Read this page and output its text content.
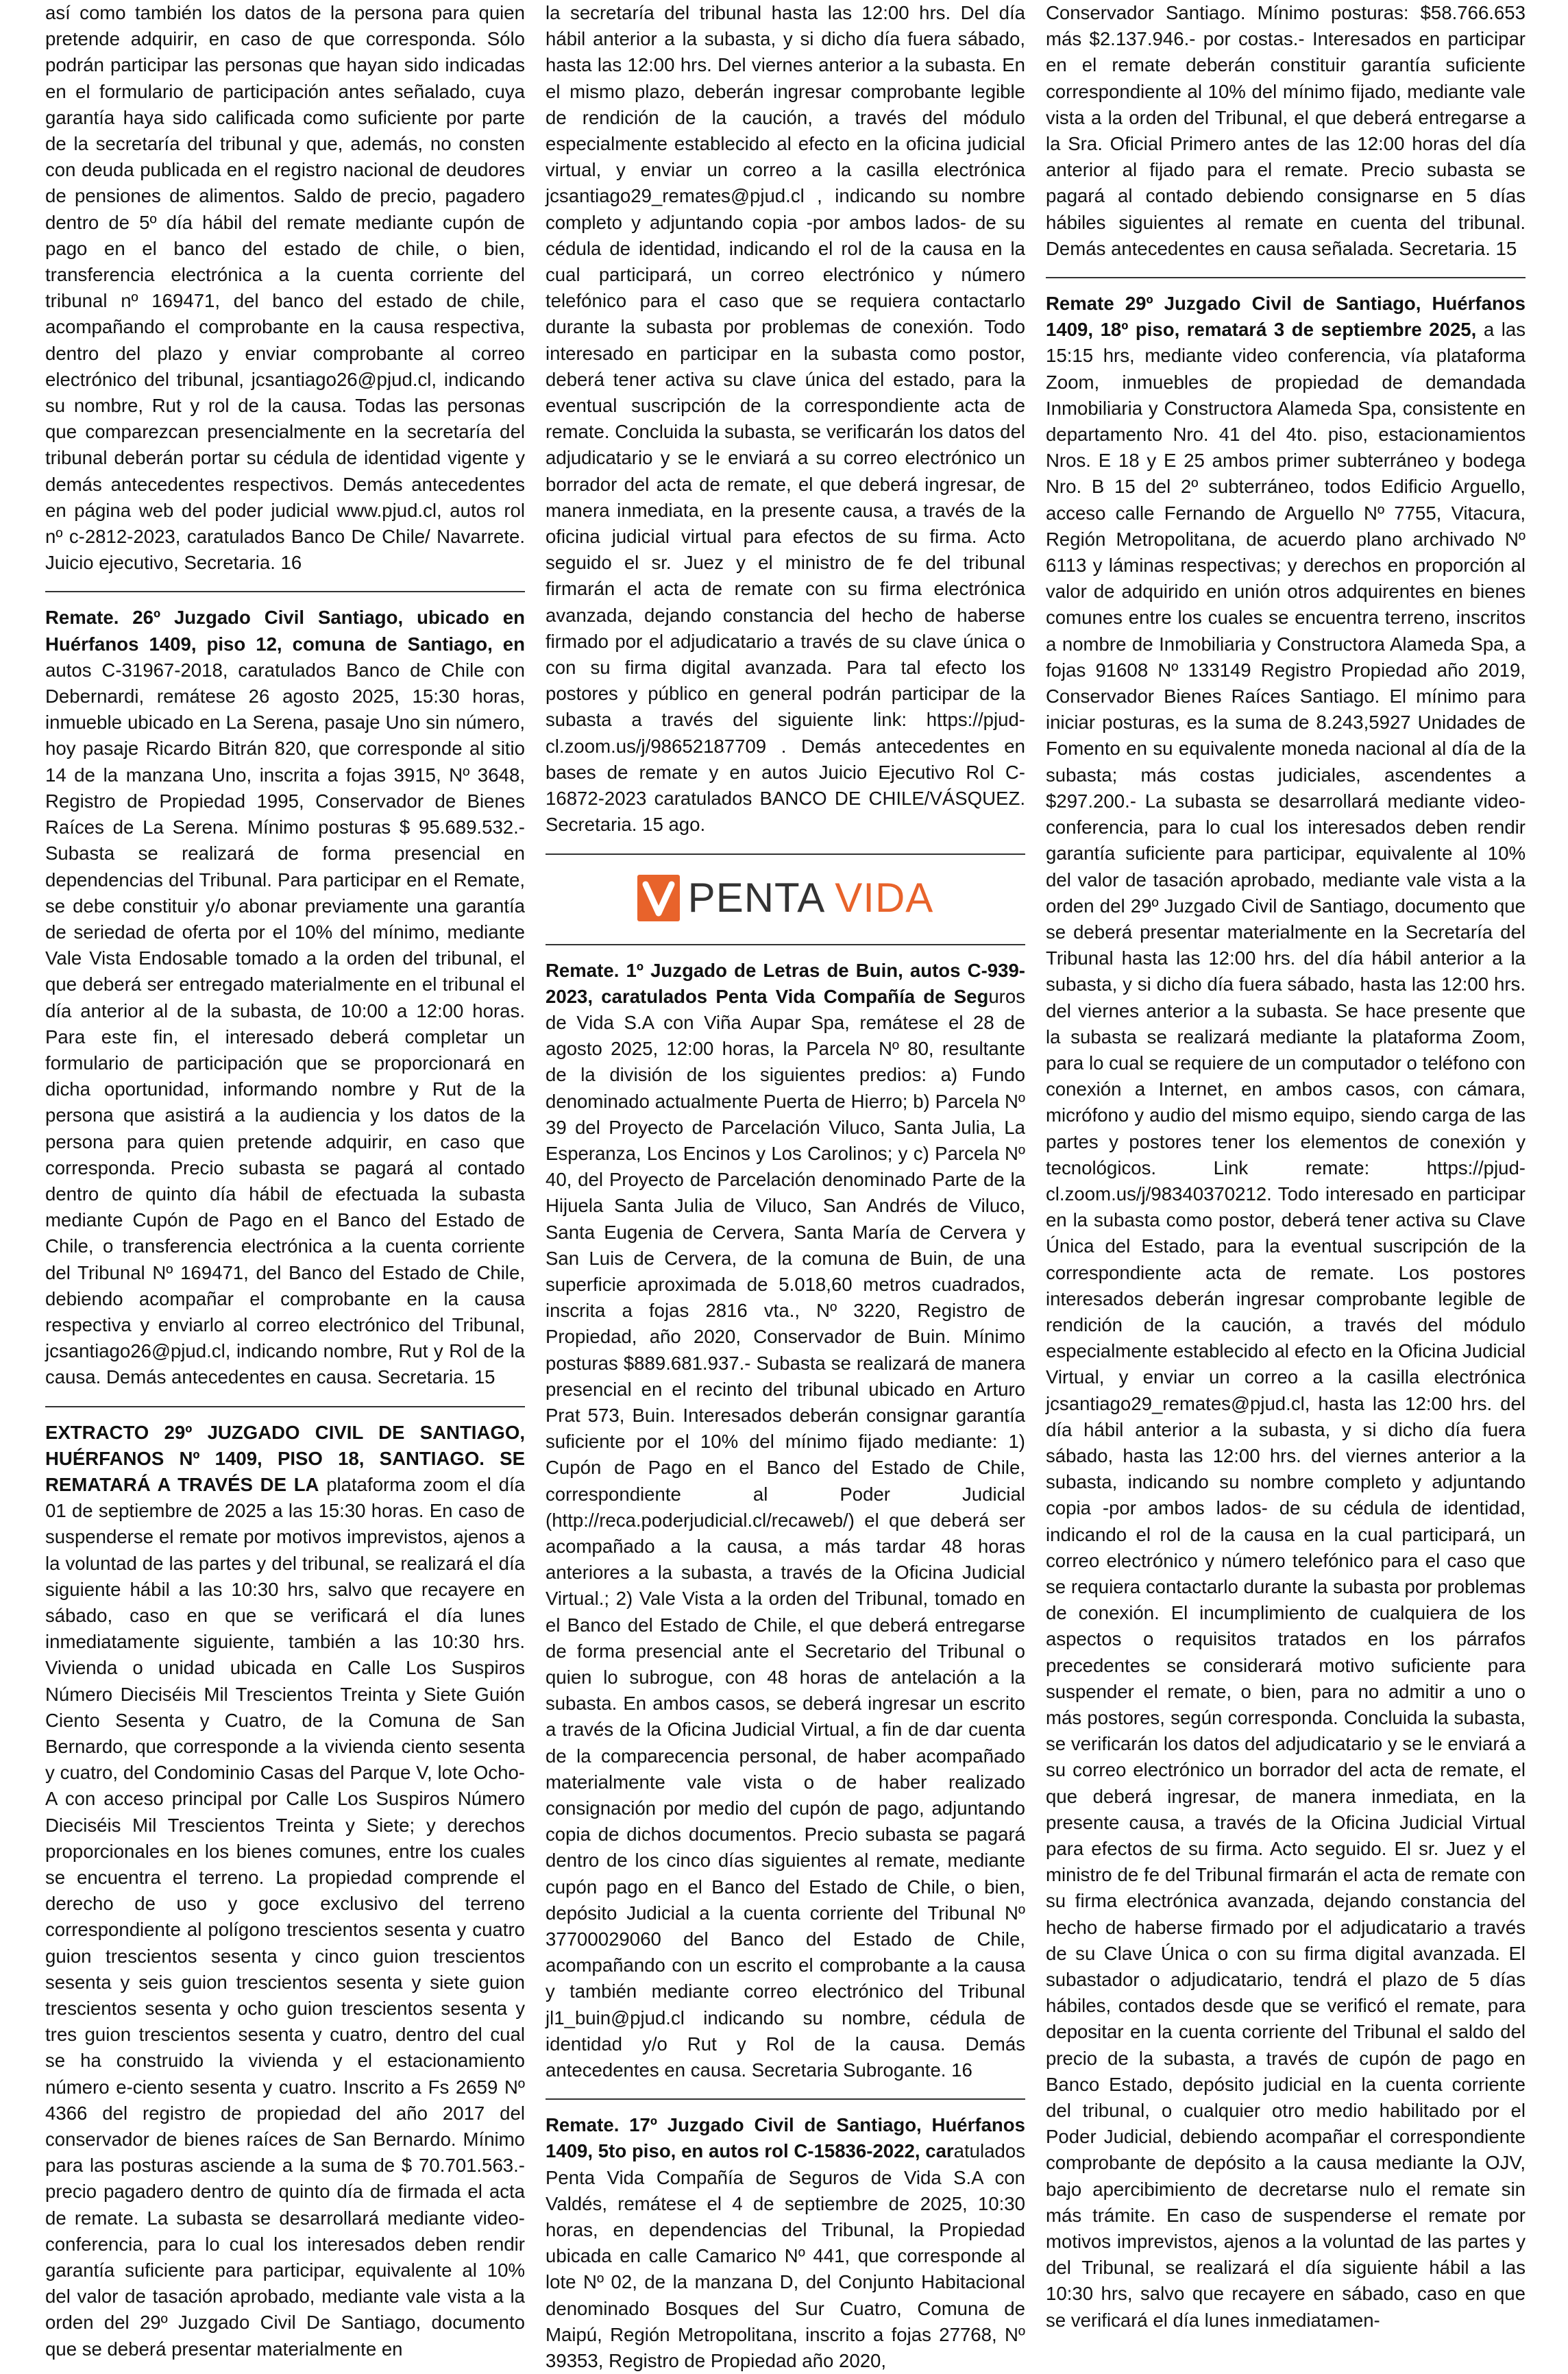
así como también los datos de la persona para quien pretende adquirir, en caso de que corresponda. Sólo podrán participar las personas que hayan sido indicadas en el formulario de participación antes señalado, cuya garantía haya sido calificada como suficiente por parte de la secretaría del tribunal y que, además, no consten con deuda publicada en el registro nacional de deudores de pensiones de alimentos. Saldo de precio, pagadero dentro de 5º día hábil del remate mediante cupón de pago en el banco del estado de chile, o bien, transferencia electrónica a la cuenta corriente del tribunal nº 169471, del banco del estado de chile, acompañando el comprobante en la causa respectiva, dentro del plazo y enviar comprobante al correo electrónico del tribunal, jcsantiago26@pjud.cl, indicando su nombre, Rut y rol de la causa. Todas las personas que comparezcan presencialmente en la secretaría del tribunal deberán portar su cédula de identidad vigente y demás antecedentes respectivos. Demás antecedentes en página web del poder judicial www.pjud.cl, autos rol nº c-2812-2023, caratulados Banco De Chile/ Navarrete. Juicio ejecutivo, Secretaria. 16

Remate. 26º Juzgado Civil Santiago, ubicado en Huérfanos 1409, piso 12, comuna de Santiago, en autos C-31967-2018, caratulados Banco de Chile con Debernardi, remátese 26 agosto 2025, 15:30 horas, inmueble ubicado en La Serena, pasaje Uno sin número, hoy pasaje Ricardo Bitrán 820, que corresponde al sitio 14 de la manzana Uno, inscrita a fojas 3915, Nº 3648, Registro de Propiedad 1995, Conservador de Bienes Raíces de La Serena. Mínimo posturas $ 95.689.532.- Subasta se realizará de forma presencial en dependencias del Tribunal. Para participar en el Remate, se debe constituir y/o abonar previamente una garantía de seriedad de oferta por el 10% del mínimo, mediante Vale Vista Endosable tomado a la orden del tribunal, el que deberá ser entregado materialmente en el tribunal el día anterior al de la subasta, de 10:00 a 12:00 horas. Para este fin, el interesado deberá completar un formulario de participación que se proporcionará en dicha oportunidad, informando nombre y Rut de la persona que asistirá a la audiencia y los datos de la persona para quien pretende adquirir, en caso que corresponda. Precio subasta se pagará al contado dentro de quinto día hábil de efectuada la subasta mediante Cupón de Pago en el Banco del Estado de Chile, o transferencia electrónica a la cuenta corriente del Tribunal Nº 169471, del Banco del Estado de Chile, debiendo acompañar el comprobante en la causa respectiva y enviarlo al correo electrónico del Tribunal, jcsantiago26@pjud.cl, indicando nombre, Rut y Rol de la causa. Demás antecedentes en causa. Secretaria. 15

EXTRACTO 29º JUZGADO CIVIL DE SANTIAGO, HUÉRFANOS Nº 1409, PISO 18, SANTIAGO. SE REMATARÁ A TRAVÉS DE LA plataforma zoom el día 01 de septiembre de 2025 a las 15:30 horas. En caso de suspenderse el remate por motivos imprevistos, ajenos a la voluntad de las partes y del tribunal, se realizará el día siguiente hábil a las 10:30 hrs, salvo que recayere en sábado, caso en que se verificará el día lunes inmediatamente siguiente, también a las 10:30 hrs. Vivienda o unidad ubicada en Calle Los Suspiros Número Dieciséis Mil Trescientos Treinta y Siete Guión Ciento Sesenta y Cuatro, de la Comuna de San Bernardo, que corresponde a la vivienda ciento sesenta y cuatro, del Condominio Casas del Parque V, lote Ocho-A con acceso principal por Calle Los Suspiros Número Dieciséis Mil Trescientos Treinta y Siete; y derechos proporcionales en los bienes comunes, entre los cuales se encuentra el terreno. La propiedad comprende el derecho de uso y goce exclusivo del terreno correspondiente al polígono trescientos sesenta y cuatro guion trescientos sesenta y cinco guion trescientos sesenta y seis guion trescientos sesenta y siete guion trescientos sesenta y ocho guion trescientos sesenta y tres guion trescientos sesenta y cuatro, dentro del cual se ha construido la vivienda y el estacionamiento número e-ciento sesenta y cuatro. Inscrito a Fs 2659 Nº 4366 del registro de propiedad del año 2017 del conservador de bienes raíces de San Bernardo. Mínimo para las posturas asciende a la suma de $ 70.701.563.- precio pagadero dentro de quinto día de firmada el acta de remate. La subasta se desarrollará mediante video-conferencia, para lo cual los interesados deben rendir garantía suficiente para participar, equivalente al 10% del valor de tasación aprobado, mediante vale vista a la orden del 29º Juzgado Civil De Santiago, documento que se deberá presentar materialmente en

la secretaría del tribunal hasta las 12:00 hrs. Del día hábil anterior a la subasta, y si dicho día fuera sábado, hasta las 12:00 hrs. Del viernes anterior a la subasta. En el mismo plazo, deberán ingresar comprobante legible de rendición de la caución, a través del módulo especialmente establecido al efecto en la oficina judicial virtual, y enviar un correo a la casilla electrónica jcsantiago29_remates@pjud.cl , indicando su nombre completo y adjuntando copia -por ambos lados- de su cédula de identidad, indicando el rol de la causa en la cual participará, un correo electrónico y número telefónico para el caso que se requiera contactarlo durante la subasta por problemas de conexión. Todo interesado en participar en la subasta como postor, deberá tener activa su clave única del estado, para la eventual suscripción de la correspondiente acta de remate. Concluida la subasta, se verificarán los datos del adjudicatario y se le enviará a su correo electrónico un borrador del acta de remate, el que deberá ingresar, de manera inmediata, en la presente causa, a través de la oficina judicial virtual para efectos de su firma. Acto seguido el sr. Juez y el ministro de fe del tribunal firmarán el acta de remate con su firma electrónica avanzada, dejando constancia del hecho de haberse firmado por el adjudicatario a través de su clave única o con su firma digital avanzada. Para tal efecto los postores y público en general podrán participar de la subasta a través del siguiente link: https://pjud-cl.zoom.us/j/98652187709 . Demás antecedentes en bases de remate y en autos Juicio Ejecutivo Rol C-16872-2023 caratulados BANCO DE CHILE/VÁSQUEZ. Secretaria. 15 ago.

PENTA VIDA

Remate. 1º Juzgado de Letras de Buin, autos C-939-2023, caratulados Penta Vida Compañía de Seguros de Vida S.A con Viña Aupar Spa, remátese el 28 de agosto 2025, 12:00 horas, la Parcela Nº 80, resultante de la división de los siguientes predios: a) Fundo denominado actualmente Puerta de Hierro; b) Parcela Nº 39 del Proyecto de Parcelación Viluco, Santa Julia, La Esperanza, Los Encinos y Los Carolinos; y c) Parcela Nº 40, del Proyecto de Parcelación denominado Parte de la Hijuela Santa Julia de Viluco, San Andrés de Viluco, Santa Eugenia de Cervera, Santa María de Cervera y San Luis de Cervera, de la comuna de Buin, de una superficie aproximada de 5.018,60 metros cuadrados, inscrita a fojas 2816 vta., Nº 3220, Registro de Propiedad, año 2020, Conservador de Buin. Mínimo posturas $889.681.937.- Subasta se realizará de manera presencial en el recinto del tribunal ubicado en Arturo Prat 573, Buin. Interesados deberán consignar garantía suficiente por el 10% del mínimo fijado mediante: 1) Cupón de Pago en el Banco del Estado de Chile, correspondiente al Poder Judicial (http://reca.poderjudicial.cl/recaweb/) el que deberá ser acompañado a la causa, a más tardar 48 horas anteriores a la subasta, a través de la Oficina Judicial Virtual.; 2) Vale Vista a la orden del Tribunal, tomado en el Banco del Estado de Chile, el que deberá entregarse de forma presencial ante el Secretario del Tribunal o quien lo subrogue, con 48 horas de antelación a la subasta. En ambos casos, se deberá ingresar un escrito a través de la Oficina Judicial Virtual, a fin de dar cuenta de la comparecencia personal, de haber acompañado materialmente vale vista o de haber realizado consignación por medio del cupón de pago, adjuntando copia de dichos documentos. Precio subasta se pagará dentro de los cinco días siguientes al remate, mediante cupón pago en el Banco del Estado de Chile, o bien, depósito Judicial a la cuenta corriente del Tribunal Nº 37700029060 del Banco del Estado de Chile, acompañando con un escrito el comprobante a la causa y también mediante correo electrónico del Tribunal jl1_buin@pjud.cl indicando su nombre, cédula de identidad y/o Rut y Rol de la causa. Demás antecedentes en causa. Secretaria Subrogante. 16

Remate. 17º Juzgado Civil de Santiago, Huérfanos 1409, 5to piso, en autos rol C-15836-2022, caratulados Penta Vida Compañía de Seguros de Vida S.A con Valdés, remátese el 4 de septiembre de 2025, 10:30 horas, en dependencias del Tribunal, la Propiedad ubicada en calle Camarico Nº 441, que corresponde al lote Nº 02, de la manzana D, del Conjunto Habitacional denominado Bosques del Sur Cuatro, Comuna de Maipú, Región Metropolitana, inscrito a fojas 27768, Nº 39353, Registro de Propiedad año 2020,

Conservador Santiago. Mínimo posturas: $58.766.653 más $2.137.946.- por costas.- Interesados en participar en el remate deberán constituir garantía suficiente correspondiente al 10% del mínimo fijado, mediante vale vista a la orden del Tribunal, el que deberá entregarse a la Sra. Oficial Primero antes de las 12:00 horas del día anterior al fijado para el remate. Precio subasta se pagará al contado debiendo consignarse en 5 días hábiles siguientes al remate en cuenta del tribunal. Demás antecedentes en causa señalada. Secretaria. 15

Remate 29º Juzgado Civil de Santiago, Huérfanos 1409, 18º piso, rematará 3 de septiembre 2025, a las 15:15 hrs, mediante video conferencia, vía plataforma Zoom, inmuebles de propiedad de demandada Inmobiliaria y Constructora Alameda Spa, consistente en departamento Nro. 41 del 4to. piso, estacionamientos Nros. E 18 y E 25 ambos primer subterráneo y bodega Nro. B 15 del 2º subterráneo, todos Edificio Arguello, acceso calle Fernando de Arguello Nº 7755, Vitacura, Región Metropolitana, de acuerdo plano archivado Nº 6113 y láminas respectivas; y derechos en proporción al valor de adquirido en unión otros adquirentes en bienes comunes entre los cuales se encuentra terreno, inscritos a nombre de Inmobiliaria y Constructora Alameda Spa, a fojas 91608 Nº 133149 Registro Propiedad año 2019, Conservador Bienes Raíces Santiago. El mínimo para iniciar posturas, es la suma de 8.243,5927 Unidades de Fomento en su equivalente moneda nacional al día de la subasta; más costas judiciales, ascendentes a $297.200.- La subasta se desarrollará mediante video-conferencia, para lo cual los interesados deben rendir garantía suficiente para participar, equivalente al 10% del valor de tasación aprobado, mediante vale vista a la orden del 29º Juzgado Civil de Santiago, documento que se deberá presentar materialmente en la Secretaría del Tribunal hasta las 12:00 hrs. del día hábil anterior a la subasta, y si dicho día fuera sábado, hasta las 12:00 hrs. del viernes anterior a la subasta. Se hace presente que la subasta se realizará mediante la plataforma Zoom, para lo cual se requiere de un computador o teléfono con conexión a Internet, en ambos casos, con cámara, micrófono y audio del mismo equipo, siendo carga de las partes y postores tener los elementos de conexión y tecnológicos. Link remate: https://pjud-cl.zoom.us/j/98340370212. Todo interesado en participar en la subasta como postor, deberá tener activa su Clave Única del Estado, para la eventual suscripción de la correspondiente acta de remate. Los postores interesados deberán ingresar comprobante legible de rendición de la caución, a través del módulo especialmente establecido al efecto en la Oficina Judicial Virtual, y enviar un correo a la casilla electrónica jcsantiago29_remates@pjud.cl, hasta las 12:00 hrs. del día hábil anterior a la subasta, y si dicho día fuera sábado, hasta las 12:00 hrs. del viernes anterior a la subasta, indicando su nombre completo y adjuntando copia -por ambos lados- de su cédula de identidad, indicando el rol de la causa en la cual participará, un correo electrónico y número telefónico para el caso que se requiera contactarlo durante la subasta por problemas de conexión. El incumplimiento de cualquiera de los aspectos o requisitos tratados en los párrafos precedentes se considerará motivo suficiente para suspender el remate, o bien, para no admitir a uno o más postores, según corresponda. Concluida la subasta, se verificarán los datos del adjudicatario y se le enviará a su correo electrónico un borrador del acta de remate, el que deberá ingresar, de manera inmediata, en la presente causa, a través de la Oficina Judicial Virtual para efectos de su firma. Acto seguido. El sr. Juez y el ministro de fe del Tribunal firmarán el acta de remate con su firma electrónica avanzada, dejando constancia del hecho de haberse firmado por el adjudicatario a través de su Clave Única o con su firma digital avanzada. El subastador o adjudicatario, tendrá el plazo de 5 días hábiles, contados desde que se verificó el remate, para depositar en la cuenta corriente del Tribunal el saldo del precio de la subasta, a través de cupón de pago en Banco Estado, depósito judicial en la cuenta corriente del tribunal, o cualquier otro medio habilitado por el Poder Judicial, debiendo acompañar el correspondiente comprobante de depósito a la causa mediante la OJV, bajo apercibimiento de decretarse nulo el remate sin más trámite. En caso de suspenderse el remate por motivos imprevistos, ajenos a la voluntad de las partes y del Tribunal, se realizará el día siguiente hábil a las 10:30 hrs, salvo que recayere en sábado, caso en que se verificará el día lunes inmediatamen-
